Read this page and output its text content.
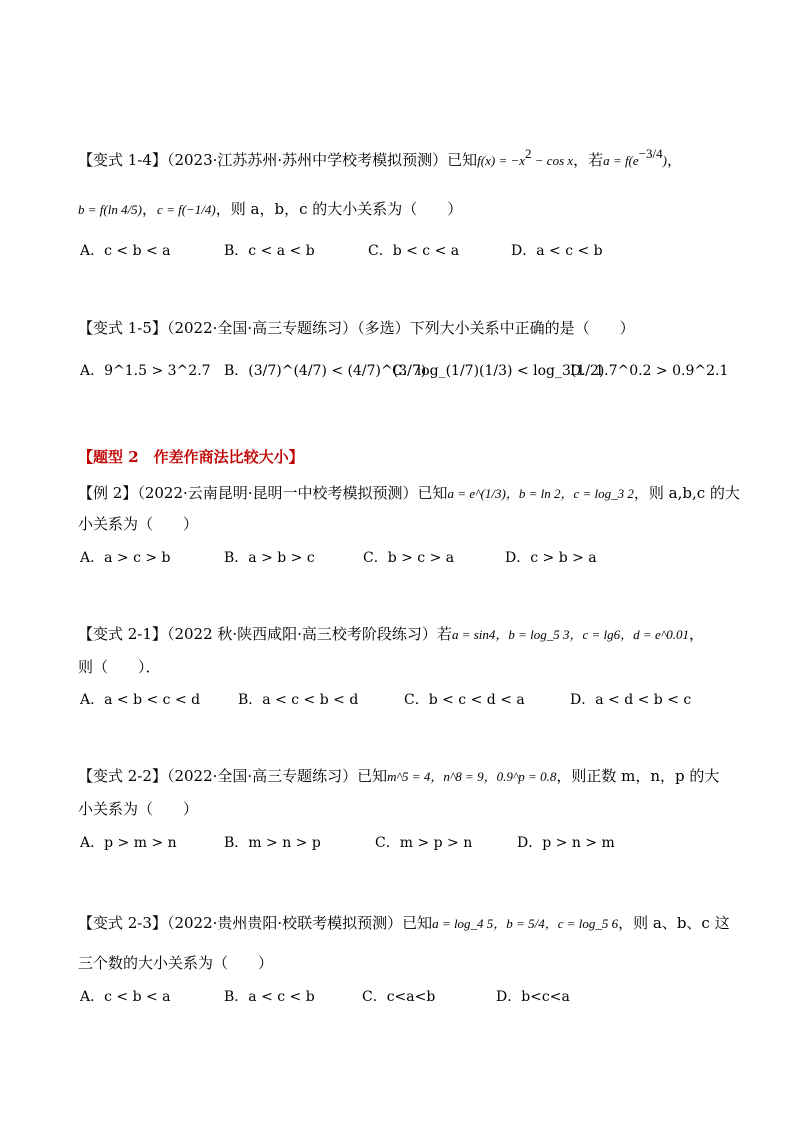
【变式 1-4】（2023·江苏苏州·苏州中学校考模拟预测）已知$f(x) = -x^2 - \cos x$，若$a = f(e^{-3/4})$，
b = f(ln 4/5)，c = f(−1/4)，则 a，b，c 的大小关系为（　　）
A．c < b < a	B．c < a < b	C．b < c < a	D．a < c < b
【变式 1-5】（2022·全国·高三专题练习）（多选）下列大小关系中正确的是（　　）
A．9^1.5 > 3^2.7 B．(3/7)^(4/7) < (4/7)^(3/7)
C．log_(1/7)(1/3) < log_3(1/2)
D．1.7^0.2 > 0.9^2.1
【题型 2　作差作商法比较大小】
【例 2】（2022·云南昆明·昆明一中校考模拟预测）已知a = e^(1/3)，b = ln 2，c = log_3 2，则 a,b,c 的大
小关系为（　　）
A．a > c > b	B．a > b > c	C．b > c > a	D．c > b > a
【变式 2-1】（2022 秋·陕西咸阳·高三校考阶段练习）若a = sin4，b = log_5 3，c = lg6，d = e^0.01，
则（　　）．
A．a < b < c < d	B．a < c < b < d	C．b < c < d < a	D．a < d < b < c
【变式 2-2】（2022·全国·高三专题练习）已知m^5 = 4，n^8 = 9，0.9^p = 0.8，则正数 m，n，p 的大
小关系为（　　）
A．p > m > n	B．m > n > p	C．m > p > n	D．p > n > m
【变式 2-3】（2022·贵州贵阳·校联考模拟预测）已知a = log_4 5，b = 5/4，c = log_5 6，则 a、b、c 这
三个数的大小关系为（　　）
A．c < b < a	B．a < c < b	C．c<a<b	D．b<c<a
